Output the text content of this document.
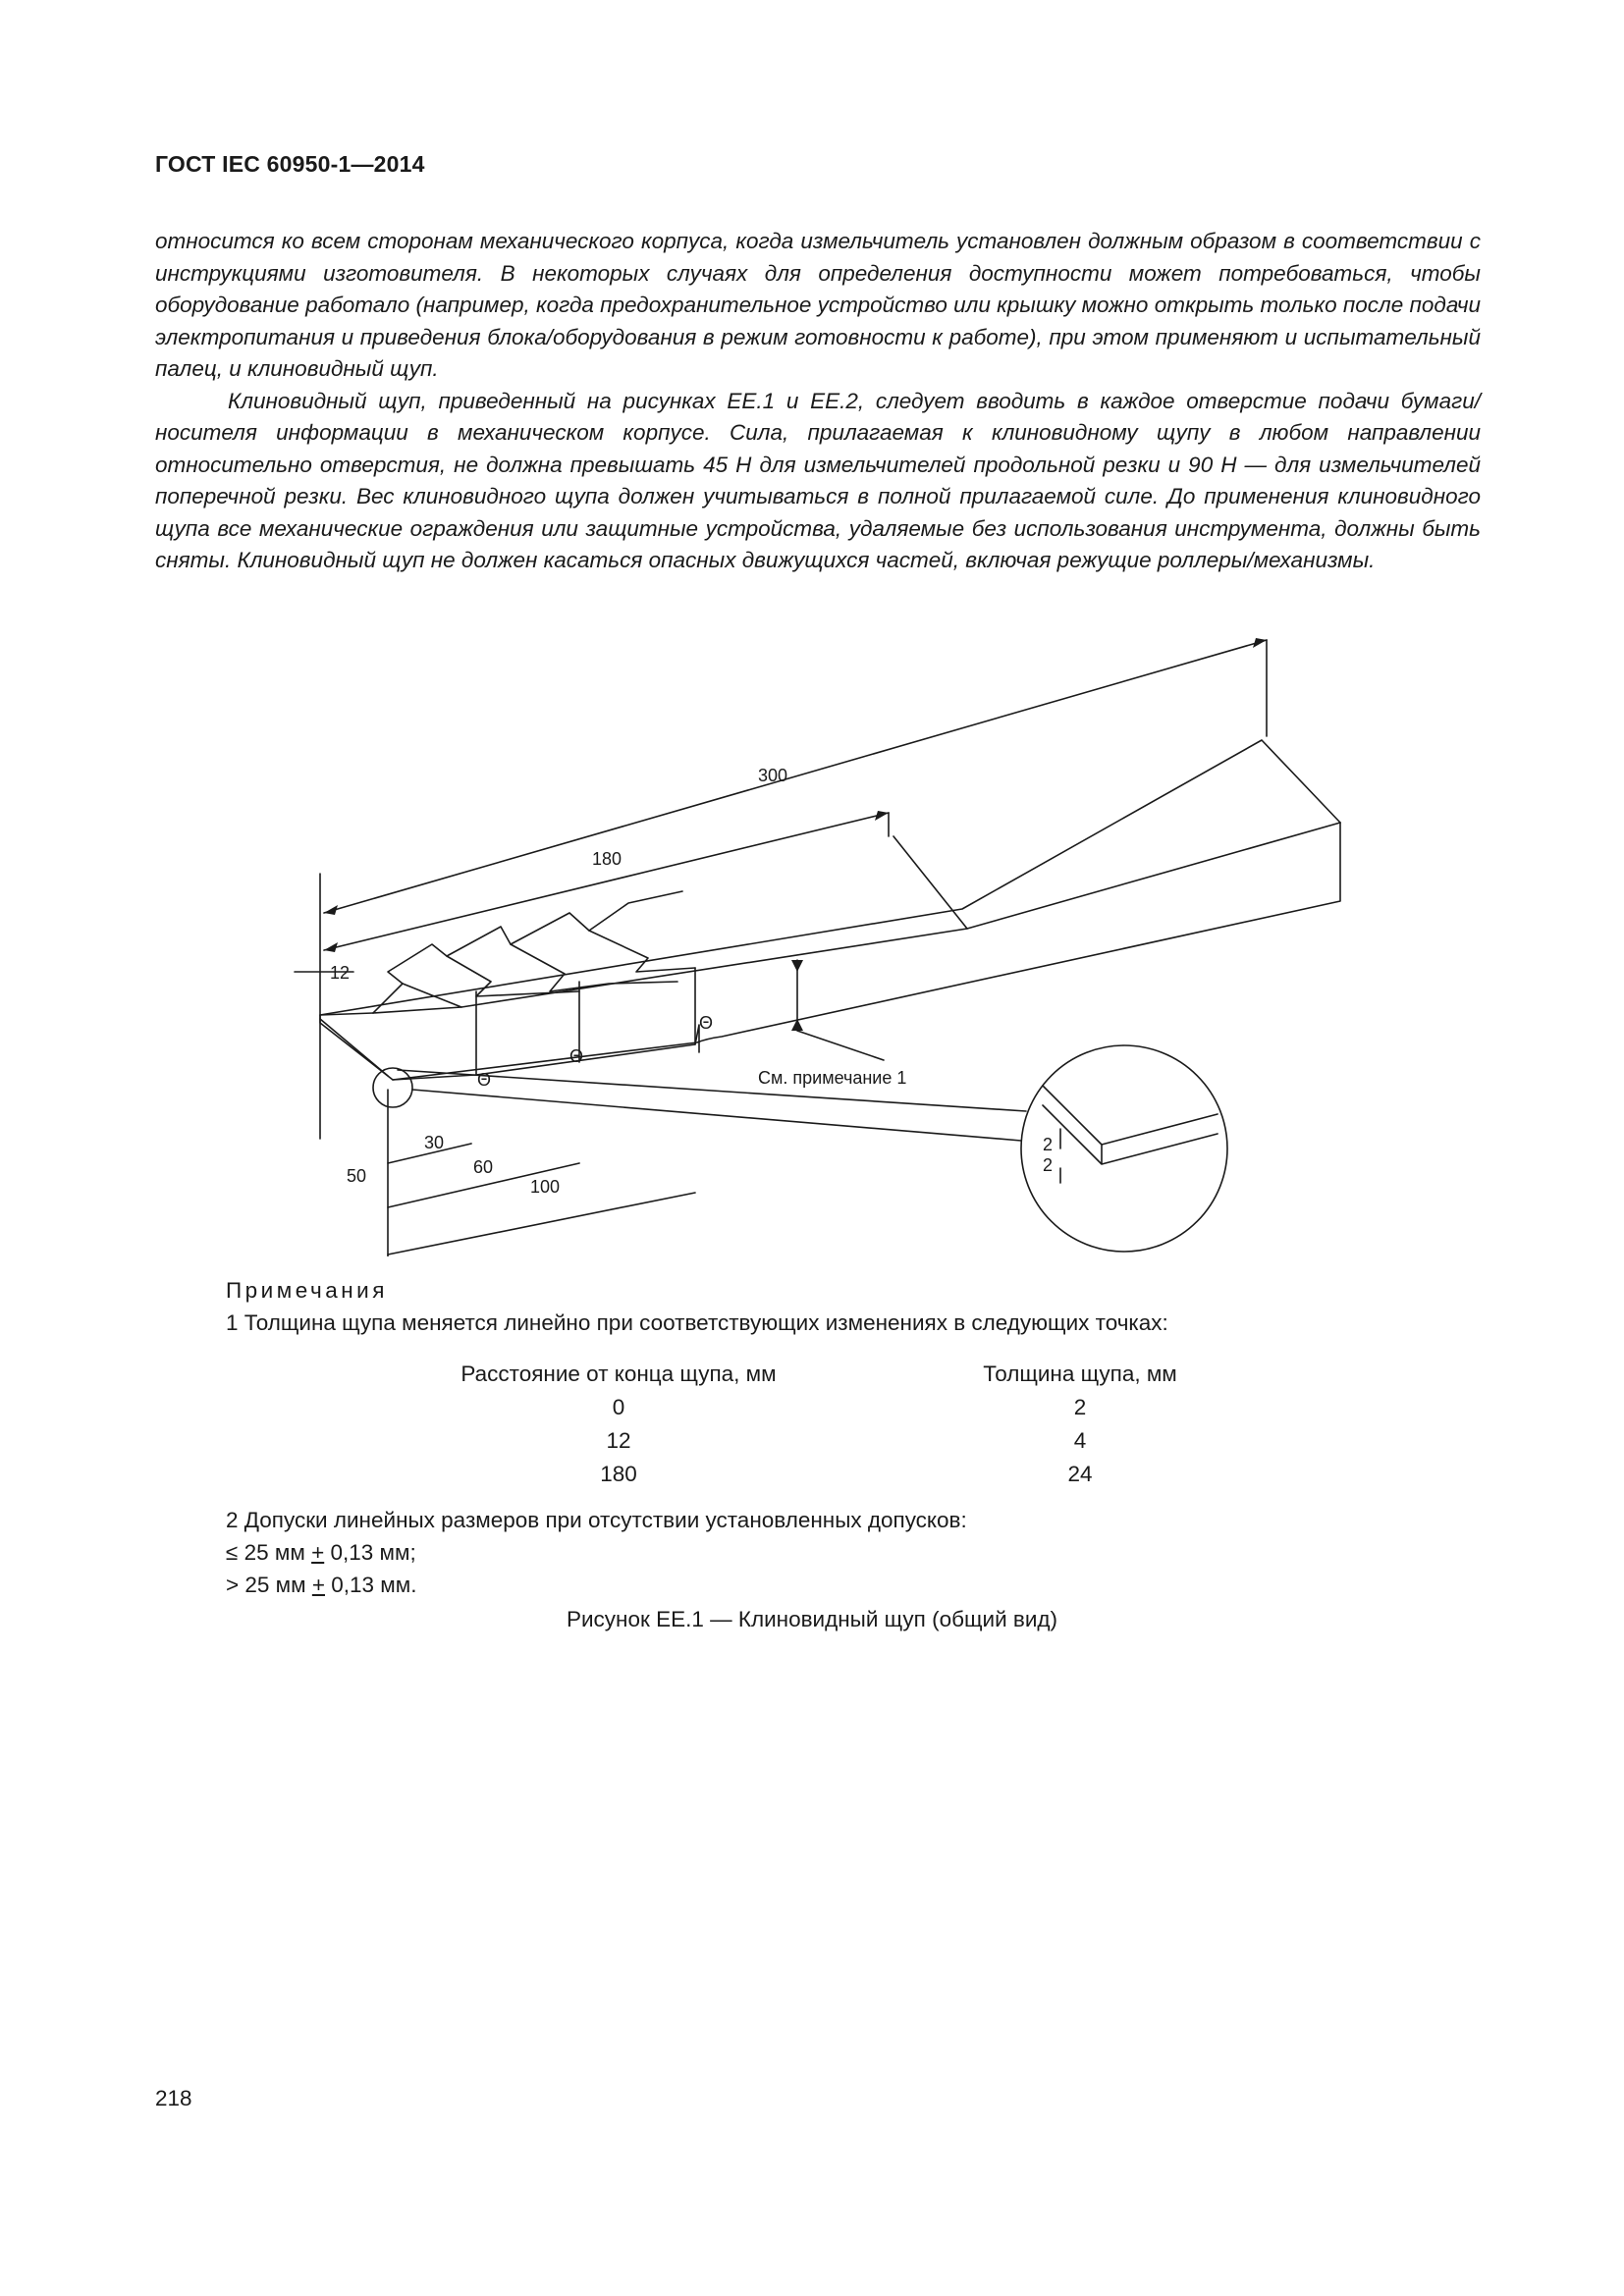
ГОСТ IEC 60950-1—2014

относится ко всем сторонам механического корпуса, когда измельчитель установлен должным образом в соответствии с инструкциями изготовителя. В некоторых случаях для определения доступности может потребоваться, чтобы оборудование работало (например, когда предохранительное устройство или крышку можно открыть только после подачи электропитания и приведения блока/оборудования в режим готовности к работе), при этом применяют и испытательный палец, и клиновидный щуп.

Клиновидный щуп, приведенный на рисунках ЕЕ.1 и ЕЕ.2, следует вводить в каждое отверстие подачи бумаги/носителя информации в механическом корпусе. Сила, прилагаемая к клиновидному щупу в любом направлении относительно отверстия, не должна превышать 45 Н для измельчителей продольной резки и 90 Н — для измельчителей поперечной резки. Вес клиновидного щупа должен учитываться в полной прилагаемой силе. До применения клиновидного щупа все механические ограждения или защитные устройства, удаляемые без использования инструмента, должны быть сняты. Клиновидный щуп не должен касаться опасных движущихся частей, включая режущие роллеры/механизмы.

300
180
12
30
60
100
50
2
2
Θ
Θ
Θ
См. примечание 1
Примечания
1 Толщина щупа меняется линейно при соответствующих изменениях в следующих точках:
Расстояние от конца щупа, мм		Толщина щупа, мм
0		2
12		4
180		24
2 Допуски линейных размеров при отсутствии установленных допусков:
≤ 25 мм + 0,13 мм;
> 25 мм + 0,13 мм.
Рисунок ЕЕ.1 — Клиновидный щуп (общий вид)
218
